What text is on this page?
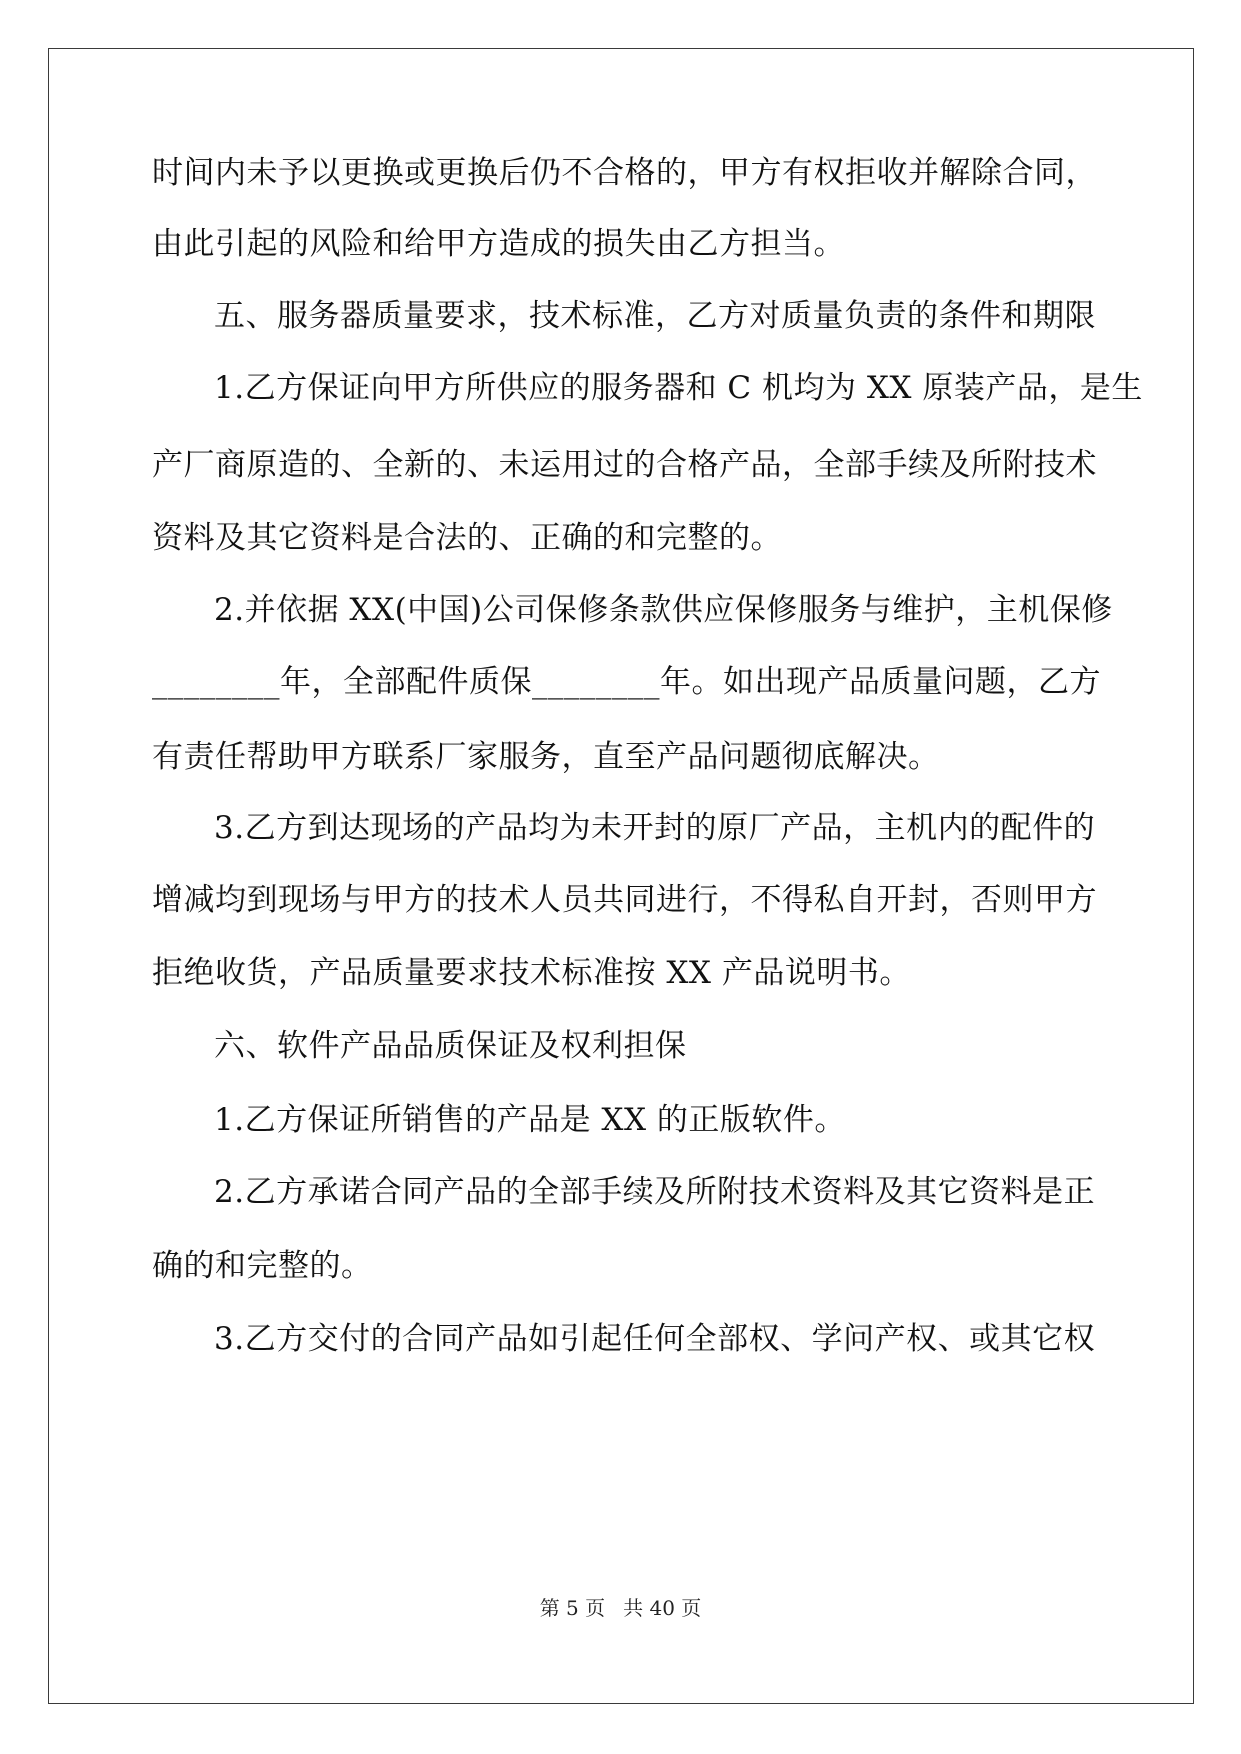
时间内未予以更换或更换后仍不合格的，甲方有权拒收并解除合同，
由此引起的风险和给甲方造成的损失由乙方担当。
五、服务器质量要求，技术标准，乙方对质量负责的条件和期限
1.乙方保证向甲方所供应的服务器和 C 机均为 XX 原装产品，是生
产厂商原造的、全新的、未运用过的合格产品，全部手续及所附技术
资料及其它资料是合法的、正确的和完整的。
2.并依据 XX(中国)公司保修条款供应保修服务与维护，主机保修
________年，全部配件质保________年。如出现产品质量问题，乙方
有责任帮助甲方联系厂家服务，直至产品问题彻底解决。
3.乙方到达现场的产品均为未开封的原厂产品，主机内的配件的
增减均到现场与甲方的技术人员共同进行，不得私自开封，否则甲方
拒绝收货，产品质量要求技术标准按 XX 产品说明书。
六、软件产品品质保证及权利担保
1.乙方保证所销售的产品是 XX 的正版软件。
2.乙方承诺合同产品的全部手续及所附技术资料及其它资料是正
确的和完整的。
3.乙方交付的合同产品如引起任何全部权、学问产权、或其它权
第 5 页 共 40 页
